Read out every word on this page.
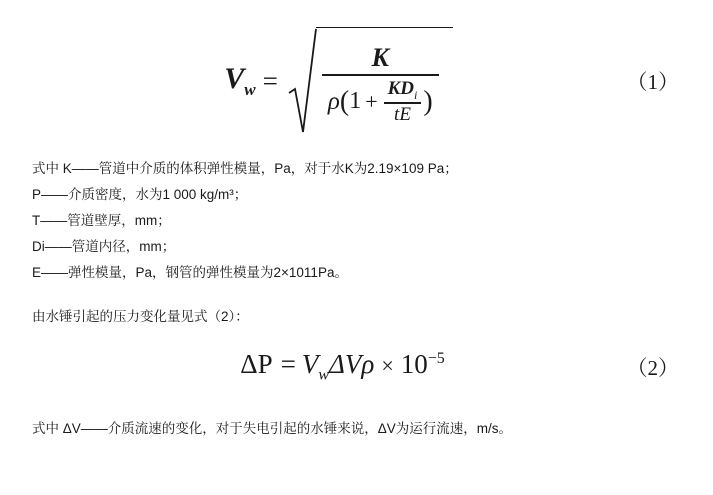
$V_w$ =
K
ρ ( $1 + \frac{KD_i}{tE}$ )
（1）
式中 K——管道中介质的体积弹性模量，Pa，对于水K为2.19×109 Pa；
P——介质密度，水为1 000 kg/m³；
T——管道壁厚，mm；
Di——管道内径，mm；
E——弹性模量，Pa，钢管的弹性模量为2×1011Pa。
由水锤引起的压力变化量见式（2）：
$\Delta P = V_w$ ΔV $\rho \times 10^{-5}$	（2）
式中 ΔV——介质流速的变化，对于失电引起的水锤来说，ΔV为运行流速，m/s。
